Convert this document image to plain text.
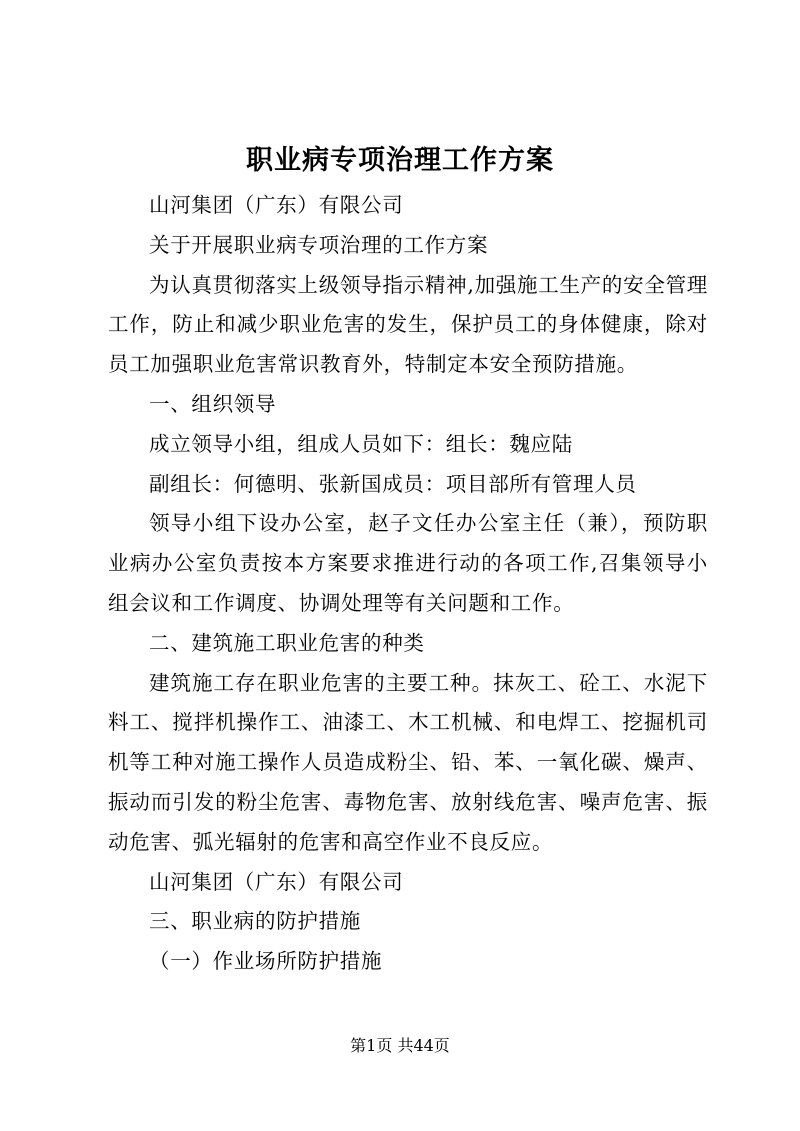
职业病专项治理工作方案

山河集团（广东）有限公司

关于开展职业病专项治理的工作方案

为认真贯彻落实上级领导指示精神,加强施工生产的安全管理工作，防止和减少职业危害的发生，保护员工的身体健康，除对员工加强职业危害常识教育外，特制定本安全预防措施。

一、组织领导

成立领导小组，组成人员如下：组长：魏应陆

副组长：何德明、张新国成员：项目部所有管理人员

领导小组下设办公室，赵子文任办公室主任（兼），预防职业病办公室负责按本方案要求推进行动的各项工作,召集领导小组会议和工作调度、协调处理等有关问题和工作。

二、建筑施工职业危害的种类

建筑施工存在职业危害的主要工种。抹灰工、砼工、水泥下料工、搅拌机操作工、油漆工、木工机械、和电焊工、挖掘机司机等工种对施工操作人员造成粉尘、铅、苯、一氧化碳、燥声、振动而引发的粉尘危害、毒物危害、放射线危害、噪声危害、振动危害、弧光辐射的危害和高空作业不良反应。

山河集团（广东）有限公司

三、职业病的防护措施

（一）作业场所防护措施

第1页 共44页
